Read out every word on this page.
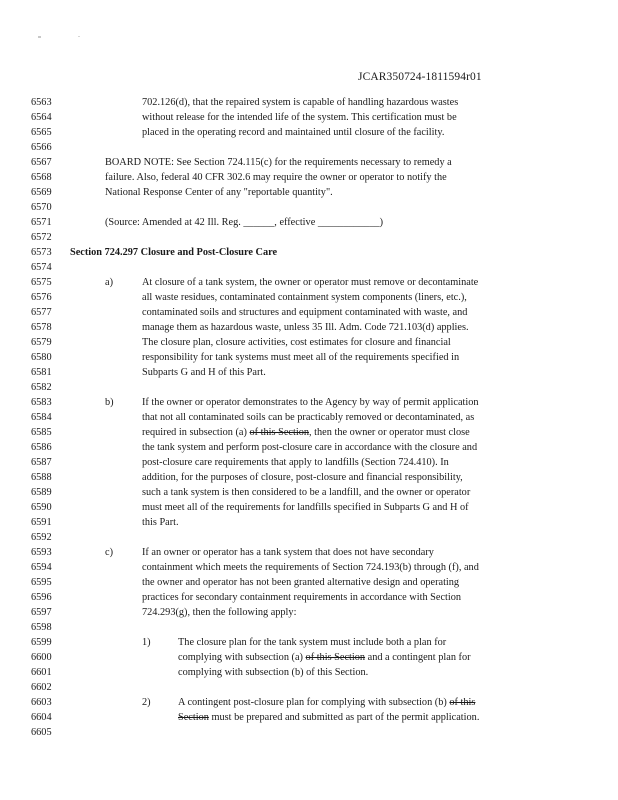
JCAR350724-1811594r01
6563
6564
6565
6566
6567
6568
6569
6570
6571
6572
6573
6574
6575
6576
6577
6578
6579
6580
6581
6582
6583
6584
6585
6586
6587
6588
6589
6590
6591
6592
6593
6594
6595
6596
6597
6598
6599
6600
6601
6602
6603
6604
6605
702.126(d), that the repaired system is capable of handling hazardous wastes
without release for the intended life of the system. This certification must be
placed in the operating record and maintained until closure of the facility.
BOARD NOTE: See Section 724.115(c) for the requirements necessary to remedy a
failure. Also, federal 40 CFR 302.6 may require the owner or operator to notify the
National Response Center of any "reportable quantity".
(Source: Amended at 42 Ill. Reg. ______, effective ____________)
Section 724.297 Closure and Post-Closure Care
a)	At closure of a tank system, the owner or operator must remove or decontaminate
all waste residues, contaminated containment system components (liners, etc.),
contaminated soils and structures and equipment contaminated with waste, and
manage them as hazardous waste, unless 35 Ill. Adm. Code 721.103(d) applies.
The closure plan, closure activities, cost estimates for closure and financial
responsibility for tank systems must meet all of the requirements specified in
Subparts G and H of this Part.
b)	If the owner or operator demonstrates to the Agency by way of permit application
that not all contaminated soils can be practicably removed or decontaminated, as
required in subsection (a) of this Section, then the owner or operator must close
the tank system and perform post-closure care in accordance with the closure and
post-closure care requirements that apply to landfills (Section 724.410). In
addition, for the purposes of closure, post-closure and financial responsibility,
such a tank system is then considered to be a landfill, and the owner or operator
must meet all of the requirements for landfills specified in Subparts G and H of
this Part.
c)	If an owner or operator has a tank system that does not have secondary
containment which meets the requirements of Section 724.193(b) through (f), and
the owner and operator has not been granted alternative design and operating
practices for secondary containment requirements in accordance with Section
724.293(g), then the following apply:
1)	The closure plan for the tank system must include both a plan for
complying with subsection (a) of this Section and a contingent plan for
complying with subsection (b) of this Section.
2)	A contingent post-closure plan for complying with subsection (b) of this
Section must be prepared and submitted as part of the permit application.
